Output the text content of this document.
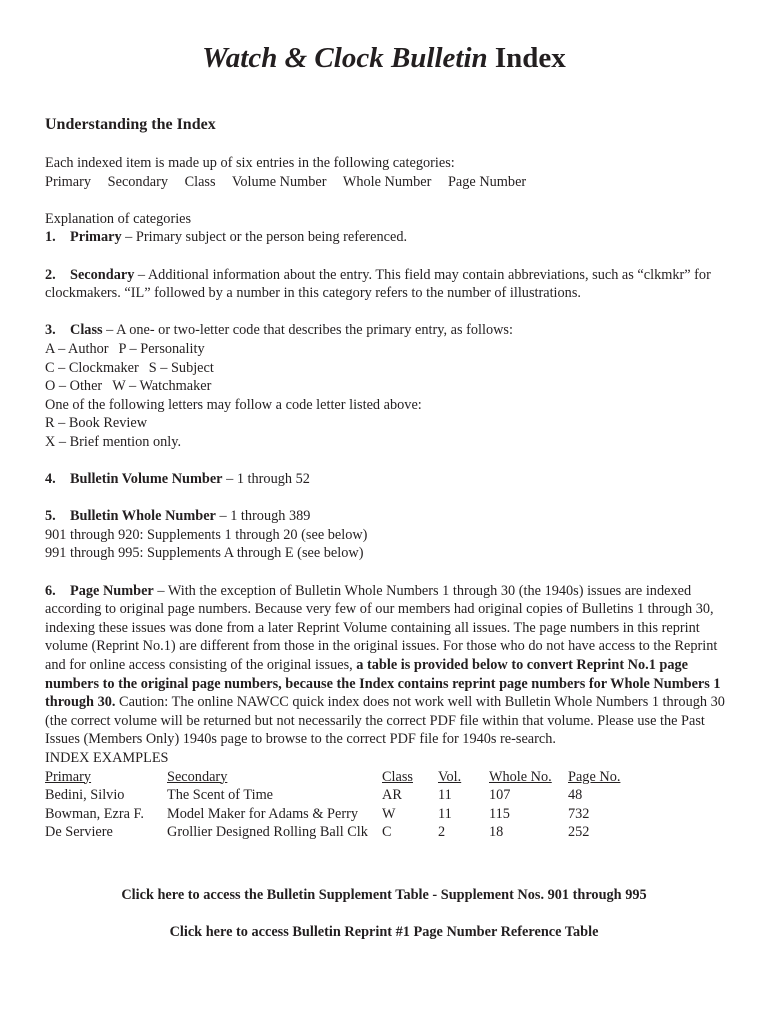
Watch & Clock Bulletin Index
Understanding the Index
Each indexed item is made up of six entries in the following categories:
Primary Secondary Class Volume Number Whole Number Page Number
Explanation of categories
1. Primary – Primary subject or the person being referenced.
2. Secondary – Additional information about the entry. This field may contain abbreviations, such as “clkmkr” for clockmakers. “IL” followed by a number in this category refers to the number of illustrations.
3. Class – A one- or two-letter code that describes the primary entry, as follows:
A – Author P – Personality
C – Clockmaker S – Subject
O – Other W – Watchmaker
One of the following letters may follow a code letter listed above:
R – Book Review
X – Brief mention only.
4. Bulletin Volume Number – 1 through 52
5. Bulletin Whole Number – 1 through 389
901 through 920: Supplements 1 through 20 (see below)
991 through 995: Supplements A through E (see below)
6. Page Number – With the exception of Bulletin Whole Numbers 1 through 30 (the 1940s) issues are indexed according to original page numbers. Because very few of our members had original copies of Bulletins 1 through 30, indexing these issues was done from a later Reprint Volume containing all issues. The page numbers in this reprint volume (Reprint No.1) are different from those in the original issues. For those who do not have access to the Reprint and for online access consisting of the original issues, a table is provided below to convert Reprint No.1 page numbers to the original page numbers, because the Index contains reprint page numbers for Whole Numbers 1 through 30. Caution: The online NAWCC quick index does not work well with Bulletin Whole Numbers 1 through 30 (the correct volume will be returned but not necessarily the correct PDF file within that volume. Please use the Past Issues (Members Only) 1940s page to browse to the correct PDF file for 1940s re-search.
INDEX EXAMPLES
Primary	Secondary	Class	Vol.	Whole No.	Page No.
Bedini, Silvio	The Scent of Time	AR	11	107	48
Bowman, Ezra F.	Model Maker for Adams & Perry	W	11	115	732
De Serviere	Grollier Designed Rolling Ball Clk	C	2	18	252
Click here to access the Bulletin Supplement Table - Supplement Nos. 901 through 995
Click here to access Bulletin Reprint #1 Page Number Reference Table
